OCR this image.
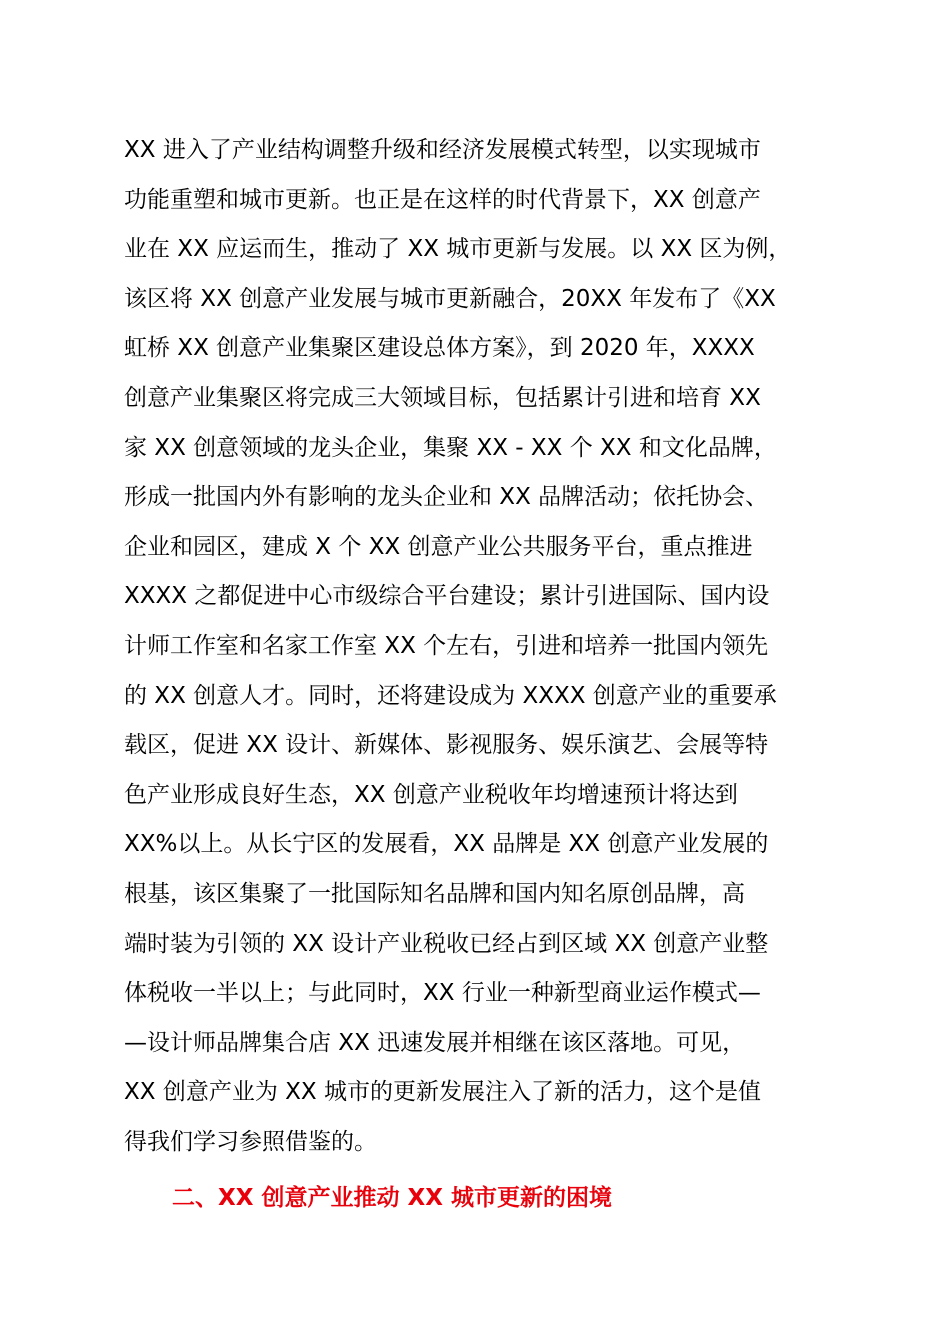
XX 进入了产业结构调整升级和经济发展模式转型，以实现城市
功能重塑和城市更新。也正是在这样的时代背景下，XX 创意产
业在 XX 应运而生，推动了 XX 城市更新与发展。以 XX 区为例，
该区将 XX 创意产业发展与城市更新融合，20XX 年发布了《XX
虹桥 XX 创意产业集聚区建设总体方案》，到 2020 年，XXXX
创意产业集聚区将完成三大领域目标，包括累计引进和培育 XX
家 XX 创意领域的龙头企业，集聚 XX - XX 个 XX 和文化品牌，
形成一批国内外有影响的龙头企业和 XX 品牌活动；依托协会、
企业和园区，建成 X 个 XX 创意产业公共服务平台，重点推进
XXXX 之都促进中心市级综合平台建设；累计引进国际、国内设
计师工作室和名家工作室 XX 个左右，引进和培养一批国内领先
的 XX 创意人才。同时，还将建设成为 XXXX 创意产业的重要承
载区，促进 XX 设计、新媒体、影视服务、娱乐演艺、会展等特
色产业形成良好生态，XX 创意产业税收年均增速预计将达到
XX%以上。从长宁区的发展看，XX 品牌是 XX 创意产业发展的
根基，该区集聚了一批国际知名品牌和国内知名原创品牌，高
端时装为引领的 XX 设计产业税收已经占到区域 XX 创意产业整
体税收一半以上；与此同时，XX 行业一种新型商业运作模式—
—设计师品牌集合店 XX 迅速发展并相继在该区落地。可见，
XX 创意产业为 XX 城市的更新发展注入了新的活力，这个是值
得我们学习参照借鉴的。
二、XX 创意产业推动 XX 城市更新的困境
